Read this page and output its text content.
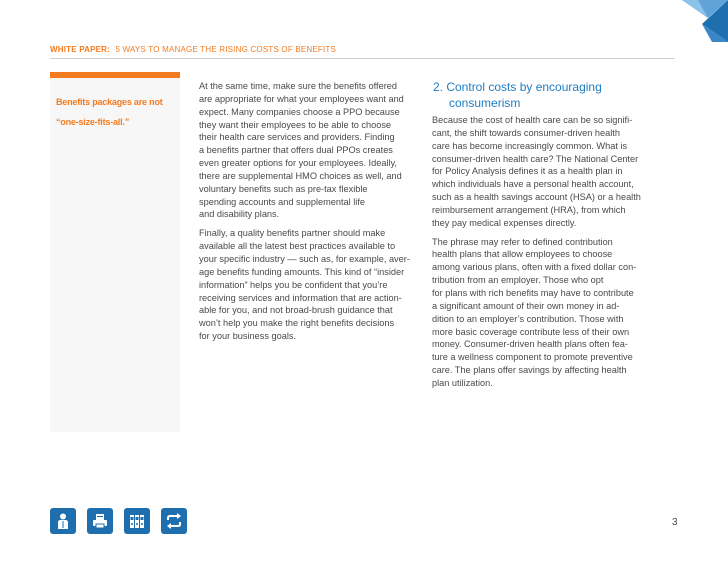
WHITE PAPER: 5 WAYS TO MANAGE THE RISING COSTS OF BENEFITS
Benefits packages are not
“one-size-fits-all.”

At the same time, make sure the benefits offered
are appropriate for what your employees want and
expect. Many companies choose a PPO because
they want their employees to be able to choose
their health care services and providers. Finding
a benefits partner that offers dual PPOs creates
even greater options for your employees. Ideally,
there are supplemental HMO choices as well, and
voluntary benefits such as pre-tax flexible
spending accounts and supplemental life
and disability plans.

Finally, a quality benefits partner should make
available all the latest best practices available to
your specific industry — such as, for example, aver-
age benefits funding amounts. This kind of “insider
information” helps you be confident that you’re
receiving services and information that are action-
able for you, and not broad-brush guidance that
won’t help you make the right benefits decisions
for your business goals.

2. Control costs by encouraging
consumerism

Because the cost of health care can be so signifi-
cant, the shift towards consumer-driven health
care has become increasingly common. What is
consumer-driven health care? The National Center
for Policy Analysis defines it as a health plan in
which individuals have a personal health account,
such as a health savings account (HSA) or a health
reimbursement arrangement (HRA), from which
they pay medical expenses directly.

The phrase may refer to defined contribution
health plans that allow employees to choose
among various plans, often with a fixed dollar con-
tribution from an employer. Those who opt
for plans with rich benefits may have to contribute
a significant amount of their own money in ad-
dition to an employer’s contribution. Those with
more basic coverage contribute less of their own
money. Consumer-driven health plans often fea-
ture a wellness component to promote preventive
care. The plans offer savings by affecting health
plan utilization.

3
